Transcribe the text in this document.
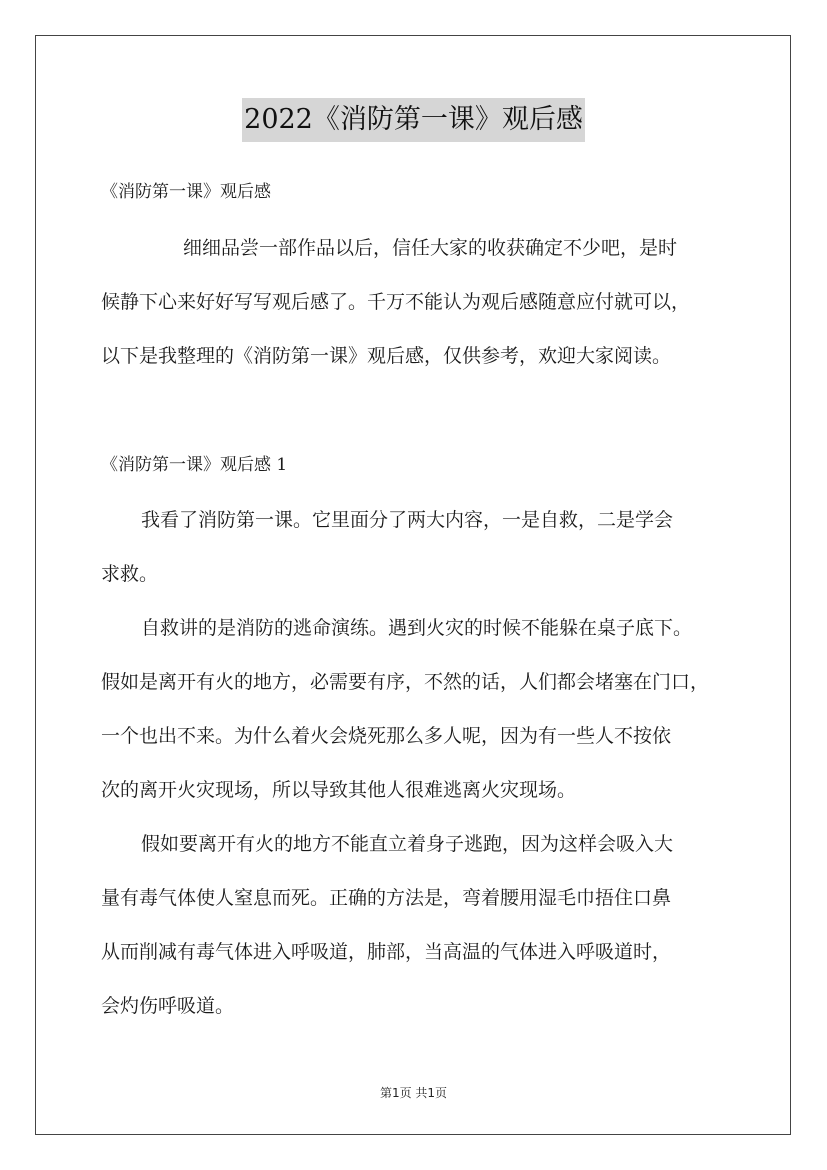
2022《消防第一课》观后感
《消防第一课》观后感
细细品尝一部作品以后，信任大家的收获确定不少吧，是时
候静下心来好好写写观后感了。千万不能认为观后感随意应付就可以，
以下是我整理的《消防第一课》观后感，仅供参考，欢迎大家阅读。
《消防第一课》观后感 1
我看了消防第一课。它里面分了两大内容，一是自救，二是学会
求救。
自救讲的是消防的逃命演练。遇到火灾的时候不能躲在桌子底下。
假如是离开有火的地方，必需要有序，不然的话，人们都会堵塞在门口，
一个也出不来。为什么着火会烧死那么多人呢，因为有一些人不按依
次的离开火灾现场，所以导致其他人很难逃离火灾现场。
假如要离开有火的地方不能直立着身子逃跑，因为这样会吸入大
量有毒气体使人窒息而死。正确的方法是，弯着腰用湿毛巾捂住口鼻
从而削减有毒气体进入呼吸道，肺部，当高温的气体进入呼吸道时，
会灼伤呼吸道。
第1页 共1页
